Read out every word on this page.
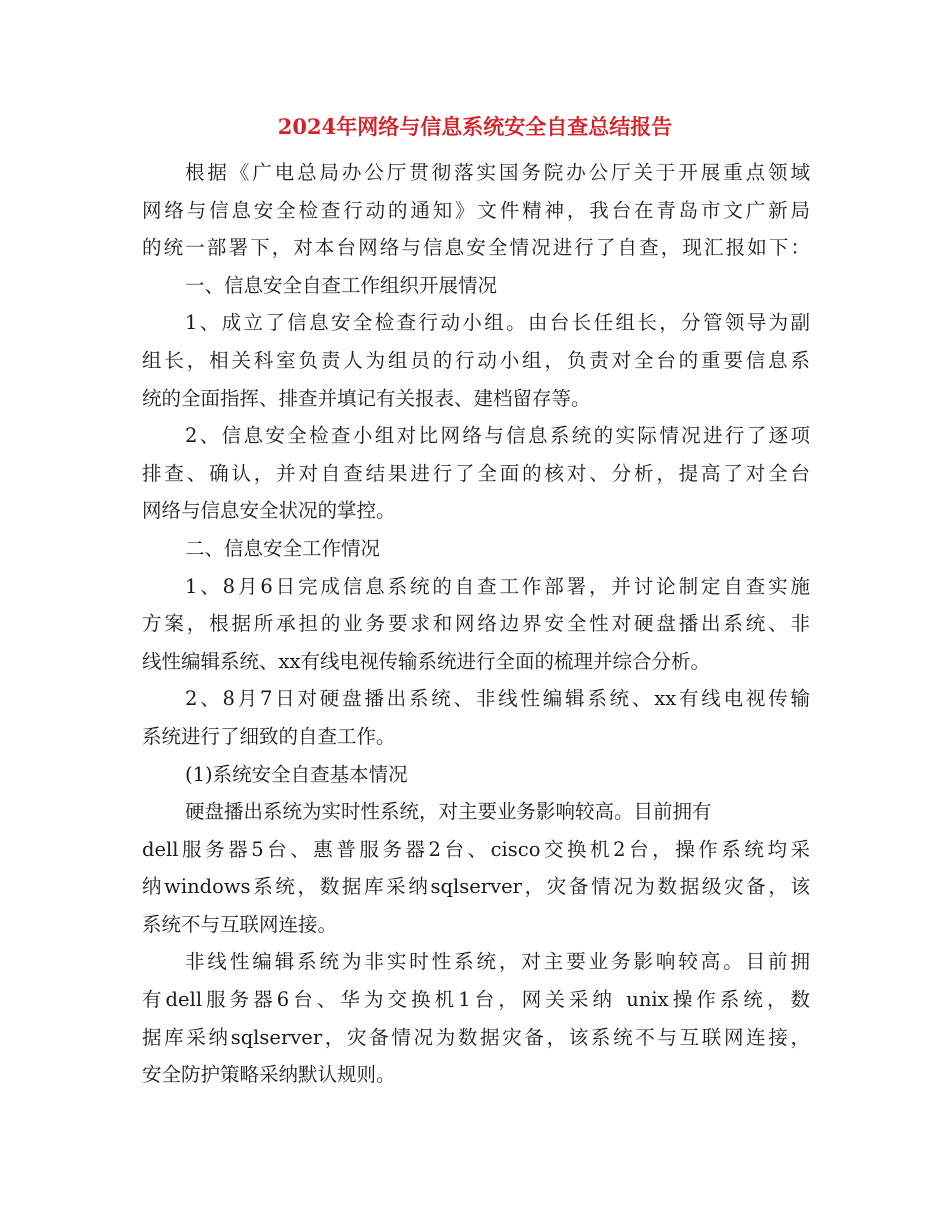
2024年网络与信息系统安全自查总结报告
根据《广电总局办公厅贯彻落实国务院办公厅关于开展重点领域
网络与信息安全检查行动的通知》文件精神，我台在青岛市文广新局
的统一部署下，对本台网络与信息安全情况进行了自查，现汇报如下：
一、信息安全自查工作组织开展情况
1、成立了信息安全检查行动小组。由台长任组长，分管领导为副
组长，相关科室负责人为组员的行动小组，负责对全台的重要信息系
统的全面指挥、排查并填记有关报表、建档留存等。
2、信息安全检查小组对比网络与信息系统的实际情况进行了逐项
排查、确认，并对自查结果进行了全面的核对、分析，提高了对全台
网络与信息安全状况的掌控。
二、信息安全工作情况
1、8月6日完成信息系统的自查工作部署，并讨论制定自查实施
方案，根据所承担的业务要求和网络边界安全性对硬盘播出系统、非
线性编辑系统、xx有线电视传输系统进行全面的梳理并综合分析。
2、8月7日对硬盘播出系统、非线性编辑系统、xx有线电视传输
系统进行了细致的自查工作。
(1)系统安全自查基本情况
硬盘播出系统为实时性系统，对主要业务影响较高。目前拥有
dell服务器5台、惠普服务器2台、cisco交换机2台，操作系统均采
纳windows系统，数据库采纳sqlserver，灾备情况为数据级灾备，该
系统不与互联网连接。
非线性编辑系统为非实时性系统，对主要业务影响较高。目前拥
有dell服务器6台、华为交换机1台，网关采纳 unix操作系统，数
据库采纳sqlserver，灾备情况为数据灾备，该系统不与互联网连接，
安全防护策略采纳默认规则。
